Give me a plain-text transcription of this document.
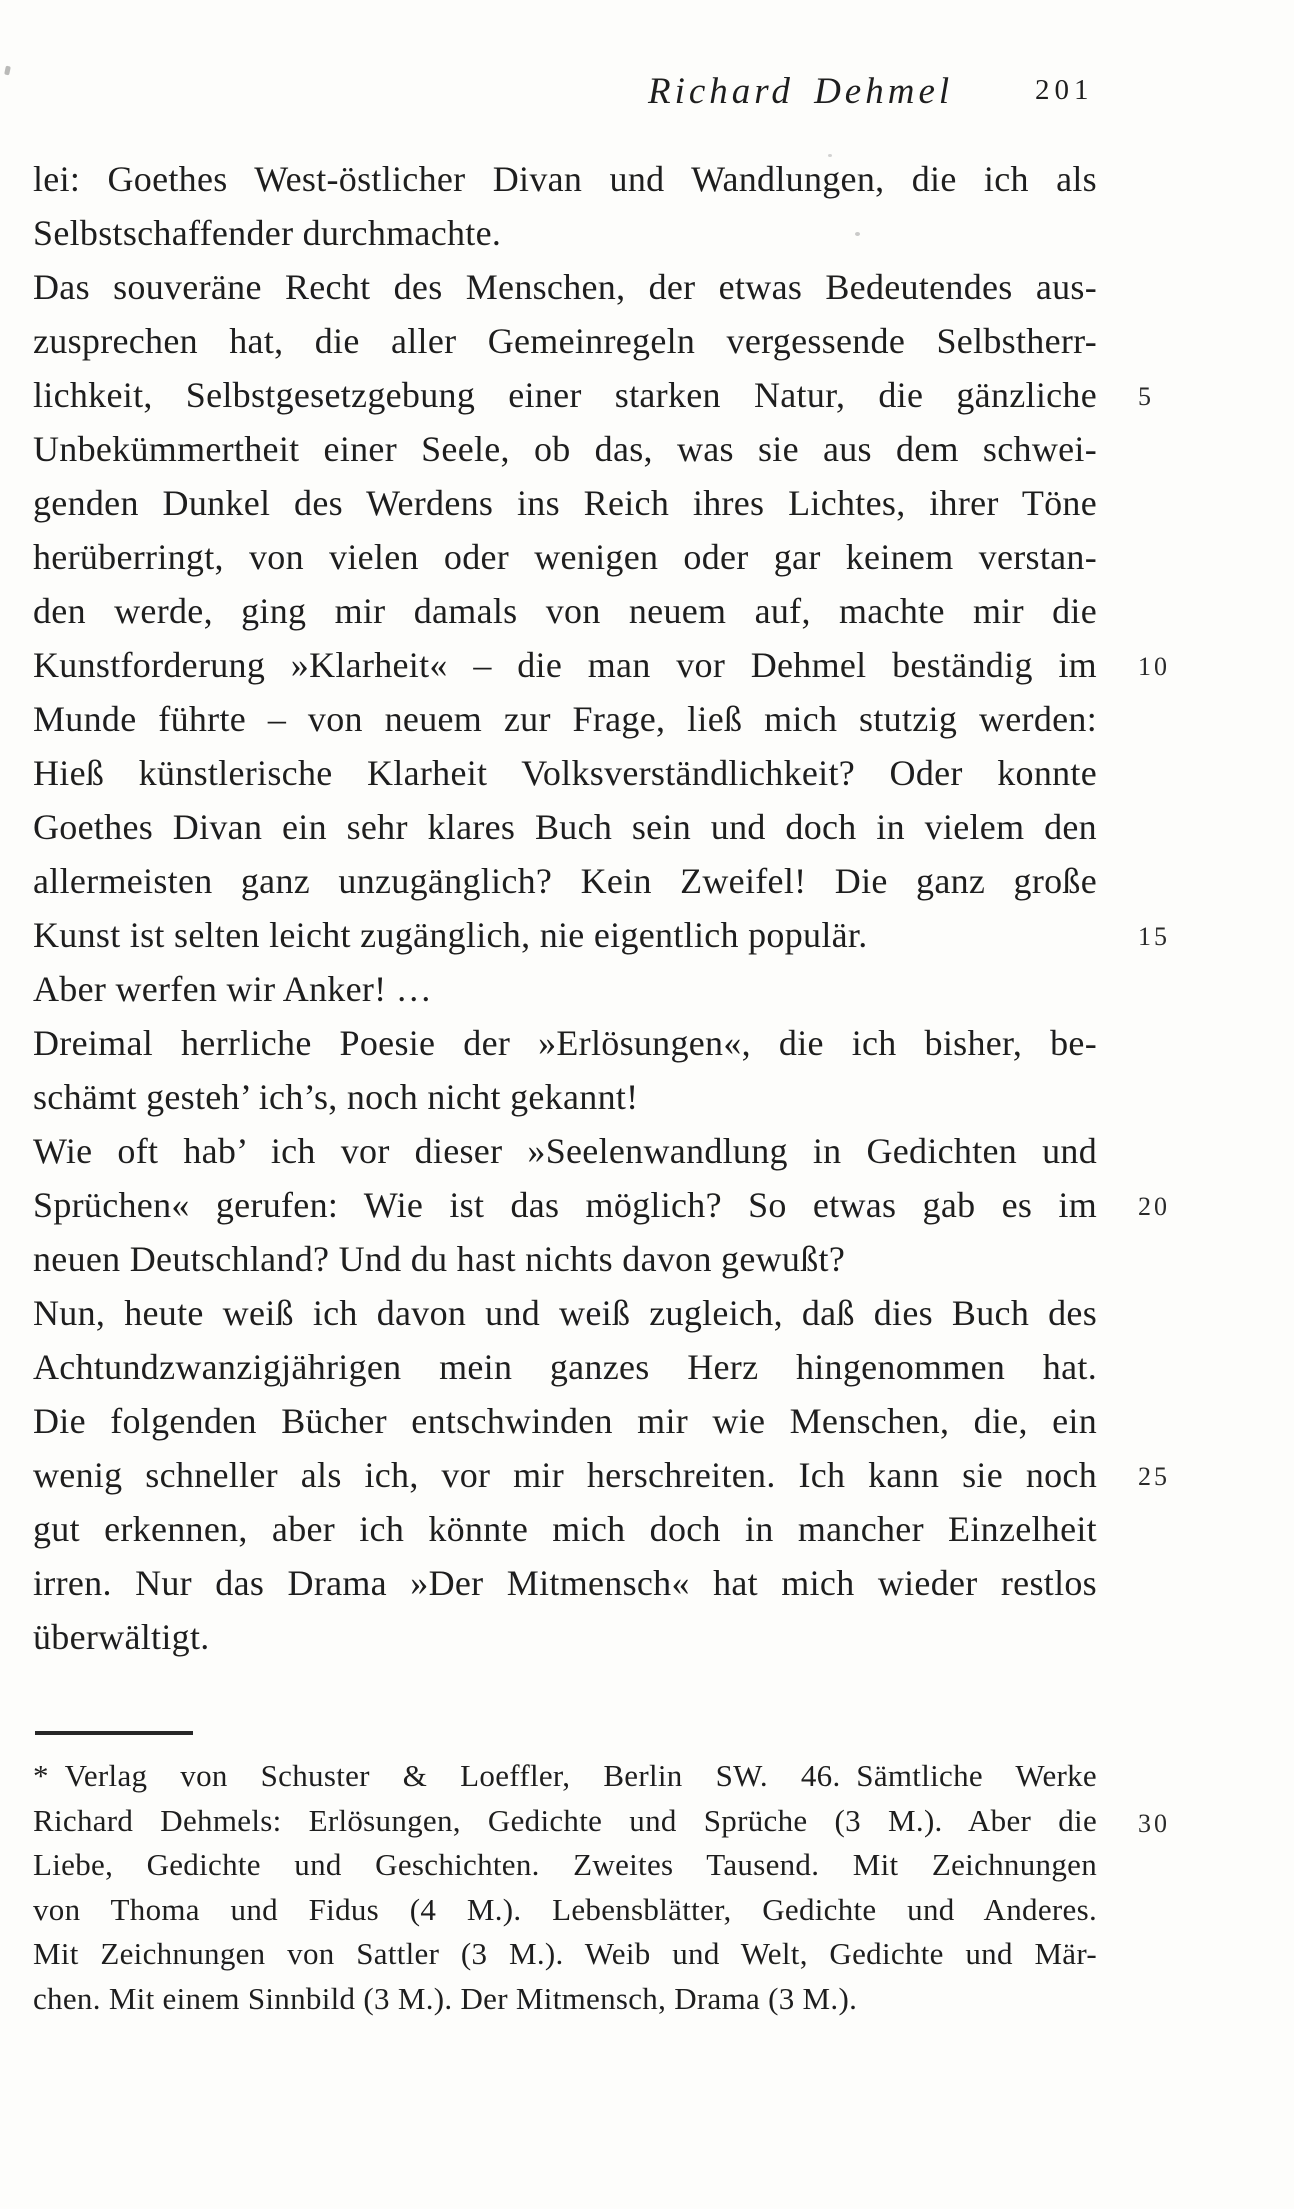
Richard Dehmel	201
lei: Goethes West-östlicher Divan und Wandlungen, die ich als
Selbstschaffender durchmachte.
Das souveräne Recht des Menschen, der etwas Bedeutendes aus-
zusprechen hat, die aller Gemeinregeln vergessende Selbstherr-
lichkeit, Selbstgesetzgebung einer starken Natur, die gänzliche
Unbekümmertheit einer Seele, ob das, was sie aus dem schwei-
genden Dunkel des Werdens ins Reich ihres Lichtes, ihrer Töne
herüberringt, von vielen oder wenigen oder gar keinem verstan-
den werde, ging mir damals von neuem auf, machte mir die
Kunstforderung »Klarheit« – die man vor Dehmel beständig im
Munde führte – von neuem zur Frage, ließ mich stutzig werden:
Hieß künstlerische Klarheit Volksverständlichkeit? Oder konnte
Goethes Divan ein sehr klares Buch sein und doch in vielem den
allermeisten ganz unzugänglich? Kein Zweifel! Die ganz große
Kunst ist selten leicht zugänglich, nie eigentlich populär.
Aber werfen wir Anker! …
Dreimal herrliche Poesie der »Erlösungen«, die ich bisher, be-
schämt gesteh’ ich’s, noch nicht gekannt!
Wie oft hab’ ich vor dieser »Seelenwandlung in Gedichten und
Sprüchen« gerufen: Wie ist das möglich? So etwas gab es im
neuen Deutschland? Und du hast nichts davon gewußt?
Nun, heute weiß ich davon und weiß zugleich, daß dies Buch des
Achtundzwanzigjährigen mein ganzes Herz hingenommen hat.
Die folgenden Bücher entschwinden mir wie Menschen, die, ein
wenig schneller als ich, vor mir herschreiten. Ich kann sie noch
gut erkennen, aber ich könnte mich doch in mancher Einzelheit
irren. Nur das Drama »Der Mitmensch« hat mich wieder restlos
überwältigt.
5
10
15
20
25
30
* Verlag von Schuster & Loeffler, Berlin SW. 46. Sämtliche Werke
Richard Dehmels: Erlösungen, Gedichte und Sprüche (3 M.). Aber die
Liebe, Gedichte und Geschichten. Zweites Tausend. Mit Zeichnungen
von Thoma und Fidus (4 M.). Lebensblätter, Gedichte und Anderes.
Mit Zeichnungen von Sattler (3 M.). Weib und Welt, Gedichte und Mär-
chen. Mit einem Sinnbild (3 M.). Der Mitmensch, Drama (3 M.).
